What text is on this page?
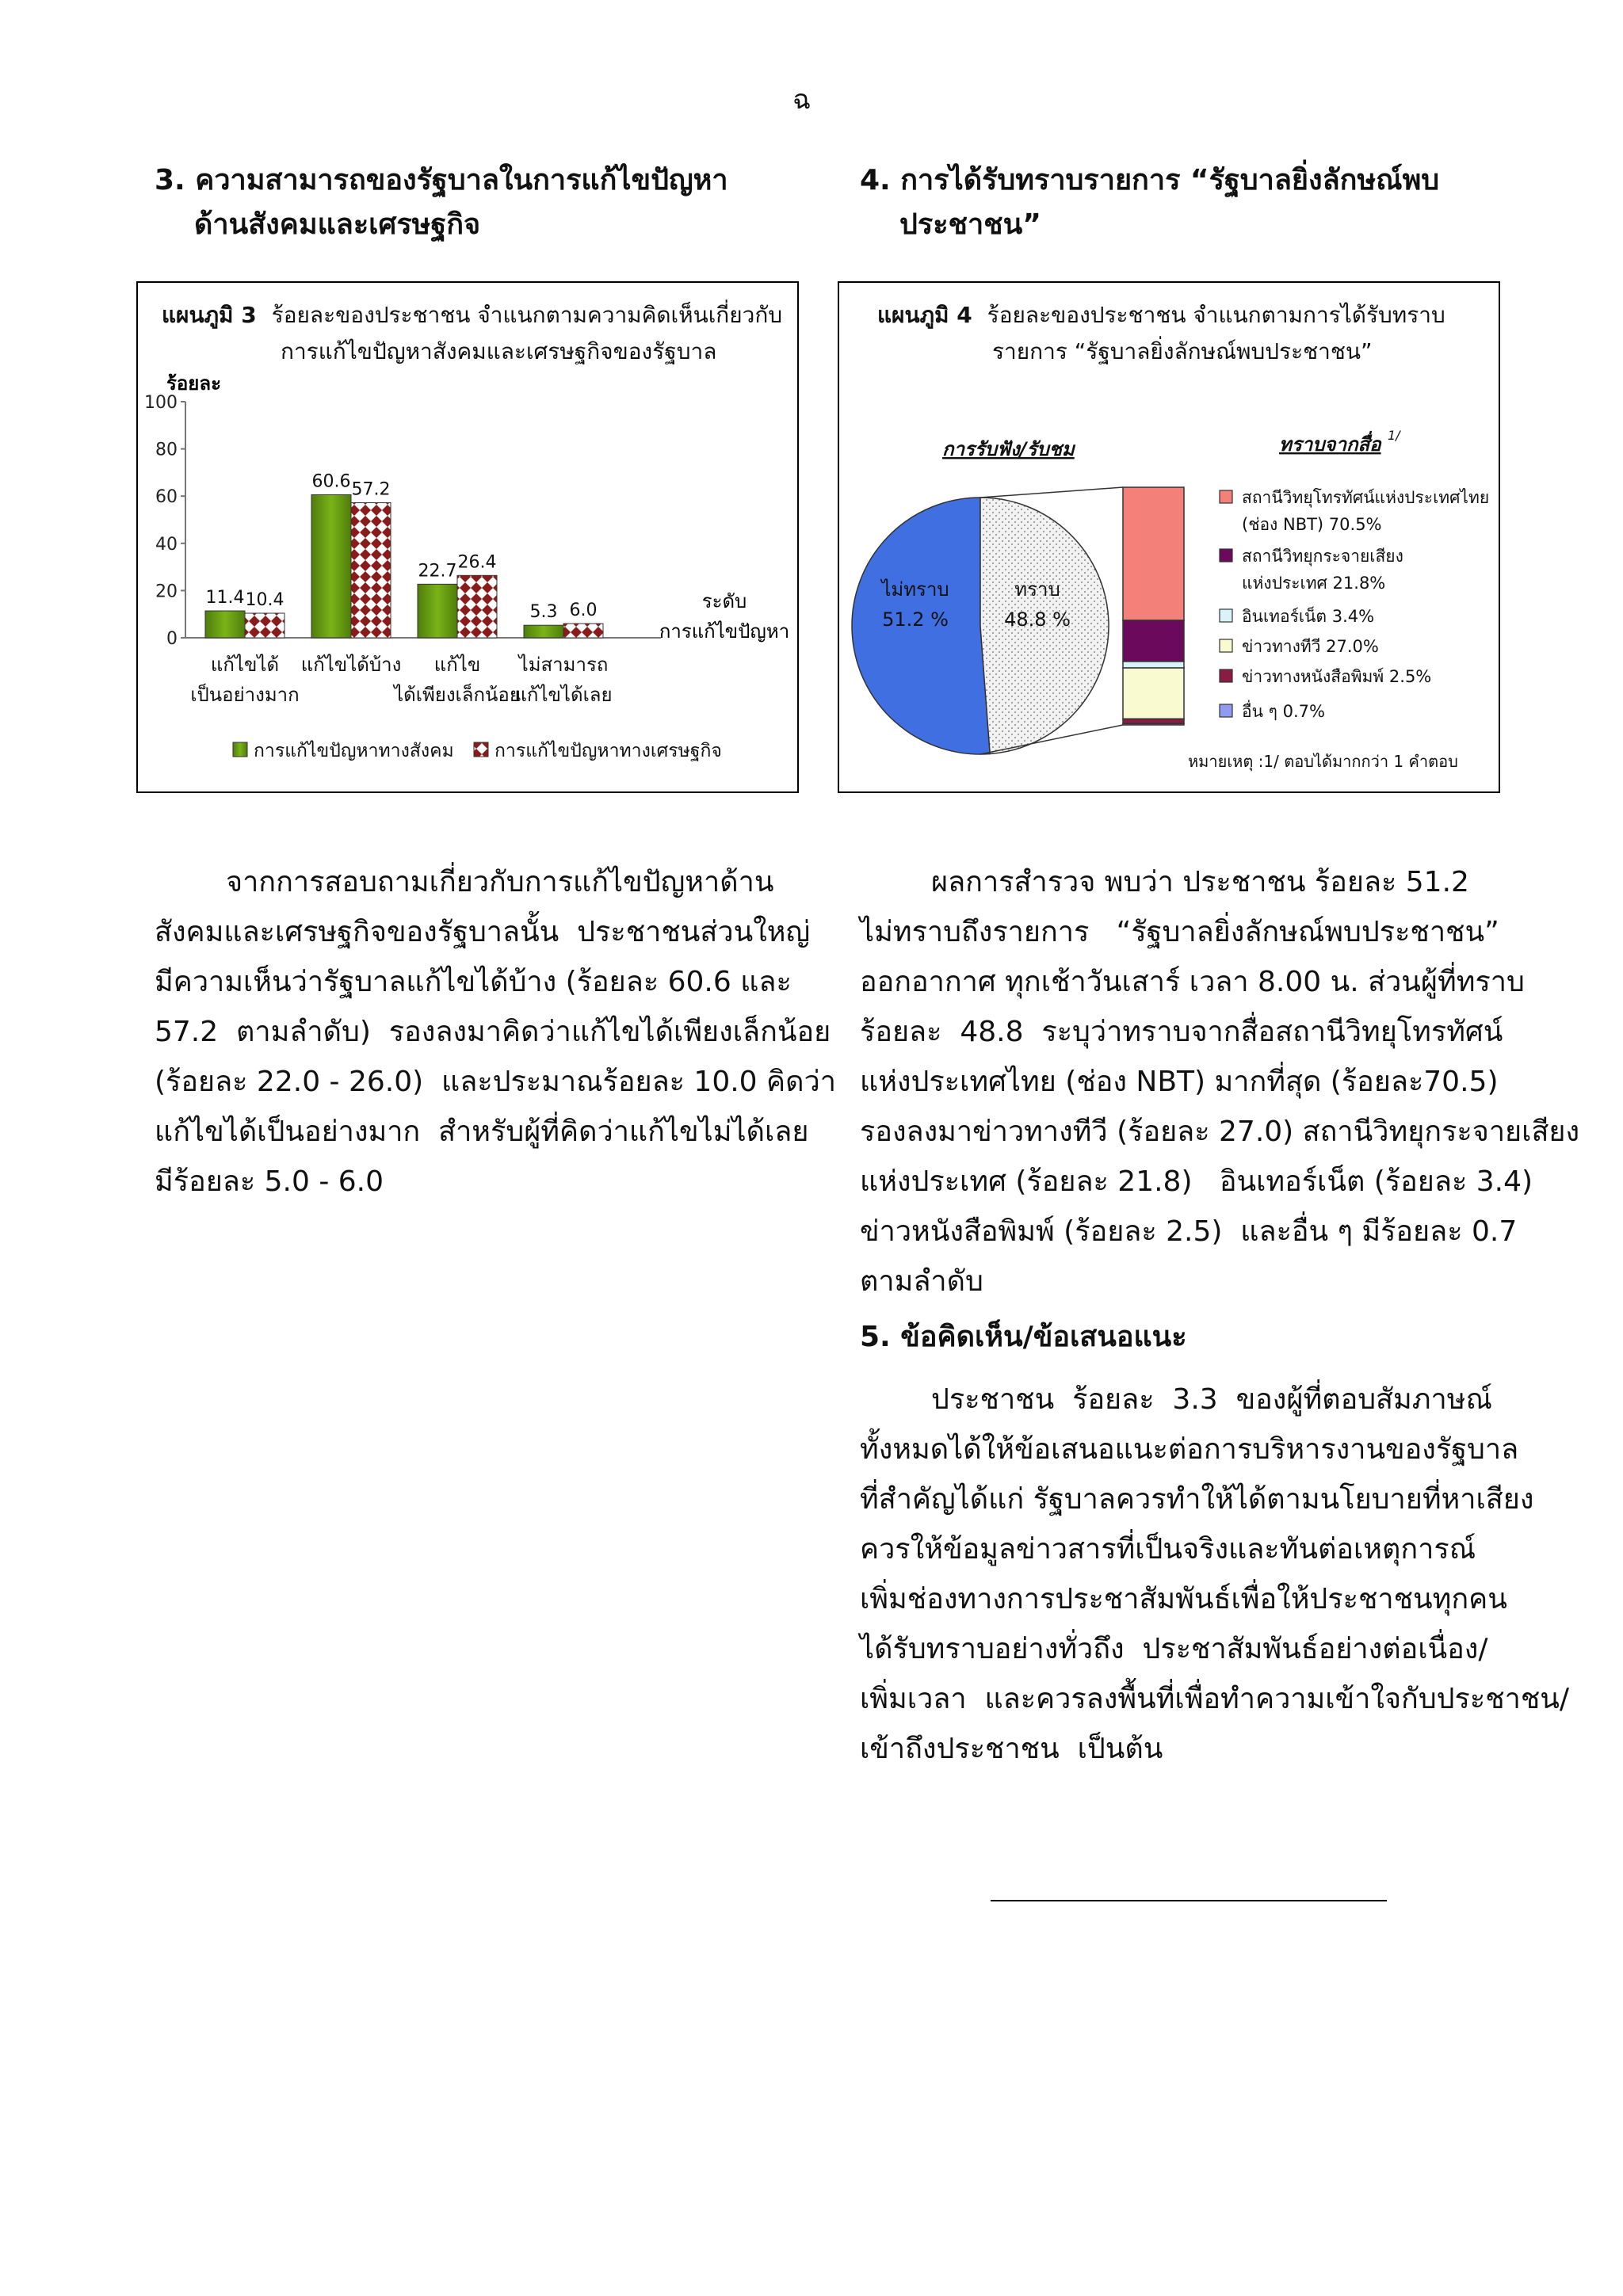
ฉ
3. ความสามารถของรัฐบาลในการแก้ไขปัญหา
ด้านสังคมและเศรษฐกิจ
4. การได้รับทราบรายการ “รัฐบาลยิ่งลักษณ์พบ
ประชาชน”
แผนภูมิ 3 ร้อยละของประชาชน จำแนกตามความคิดเห็นเกี่ยวกับ
การแก้ไขปัญหาสังคมและเศรษฐกิจของรัฐบาล
ร้อยละ
0
20
40
60
80
100
11.4 10.4
แก้ไขได้
เป็นอย่างมาก
60.6 57.2
แก้ไขได้บ้าง
22.7 26.4
แก้ไข
ได้เพียงเล็กน้อย
5.3 6.0
ไม่สามารถ
แก้ไขได้เลย
ระดับ
การแก้ไขปัญหา
การแก้ไขปัญหาทางสังคม การแก้ไขปัญหาทางเศรษฐกิจ
แผนภูมิ 4 ร้อยละของประชาชน จำแนกตามการได้รับทราบ
รายการ “รัฐบาลยิ่งลักษณ์พบประชาชน”
การรับฟัง/รับชม
ไม่ทราบ
51.2 %
ทราบ
48.8 %
ทราบจากสื่อ 1/
สถานีวิทยุโทรทัศน์แห่งประเทศไทย
(ช่อง NBT) 70.5%
สถานีวิทยุกระจายเสียง
แห่งประเทศ 21.8%
อินเทอร์เน็ต 3.4%
ข่าวทางทีวี 27.0%
ข่าวทางหนังสือพิมพ์ 2.5%
อื่น ๆ 0.7%
หมายเหตุ :1/ ตอบได้มากกว่า 1 คำตอบ
จากการสอบถามเกี่ยวกับการแก้ไขปัญหาด้าน
สังคมและเศรษฐกิจของรัฐบาลนั้น  ประชาชนส่วนใหญ่
มีความเห็นว่ารัฐบาลแก้ไขได้บ้าง (ร้อยละ 60.6 และ
57.2  ตามลำดับ)  รองลงมาคิดว่าแก้ไขได้เพียงเล็กน้อย
(ร้อยละ 22.0 - 26.0)  และประมาณร้อยละ 10.0 คิดว่า
แก้ไขได้เป็นอย่างมาก  สำหรับผู้ที่คิดว่าแก้ไขไม่ได้เลย
มีร้อยละ 5.0 - 6.0
ผลการสำรวจ พบว่า ประชาชน ร้อยละ 51.2
ไม่ทราบถึงรายการ   “รัฐบาลยิ่งลักษณ์พบประชาชน”
ออกอากาศ ทุกเช้าวันเสาร์ เวลา 8.00 น. ส่วนผู้ที่ทราบ
ร้อยละ  48.8  ระบุว่าทราบจากสื่อสถานีวิทยุโทรทัศน์
แห่งประเทศไทย (ช่อง NBT) มากที่สุด (ร้อยละ70.5)
รองลงมาข่าวทางทีวี (ร้อยละ 27.0) สถานีวิทยุกระจายเสียง
แห่งประเทศ (ร้อยละ 21.8)   อินเทอร์เน็ต (ร้อยละ 3.4)
ข่าวหนังสือพิมพ์ (ร้อยละ 2.5)  และอื่น ๆ มีร้อยละ 0.7
ตามลำดับ
5. ข้อคิดเห็น/ข้อเสนอแนะ
ประชาชน  ร้อยละ  3.3  ของผู้ที่ตอบสัมภาษณ์
ทั้งหมดได้ให้ข้อเสนอแนะต่อการบริหารงานของรัฐบาล
ที่สำคัญได้แก่ รัฐบาลควรทำให้ได้ตามนโยบายที่หาเสียง
ควรให้ข้อมูลข่าวสารที่เป็นจริงและทันต่อเหตุการณ์
เพิ่มช่องทางการประชาสัมพันธ์เพื่อให้ประชาชนทุกคน
ได้รับทราบอย่างทั่วถึง  ประชาสัมพันธ์อย่างต่อเนื่อง/
เพิ่มเวลา  และควรลงพื้นที่เพื่อทำความเข้าใจกับประชาชน/
เข้าถึงประชาชน  เป็นต้น
